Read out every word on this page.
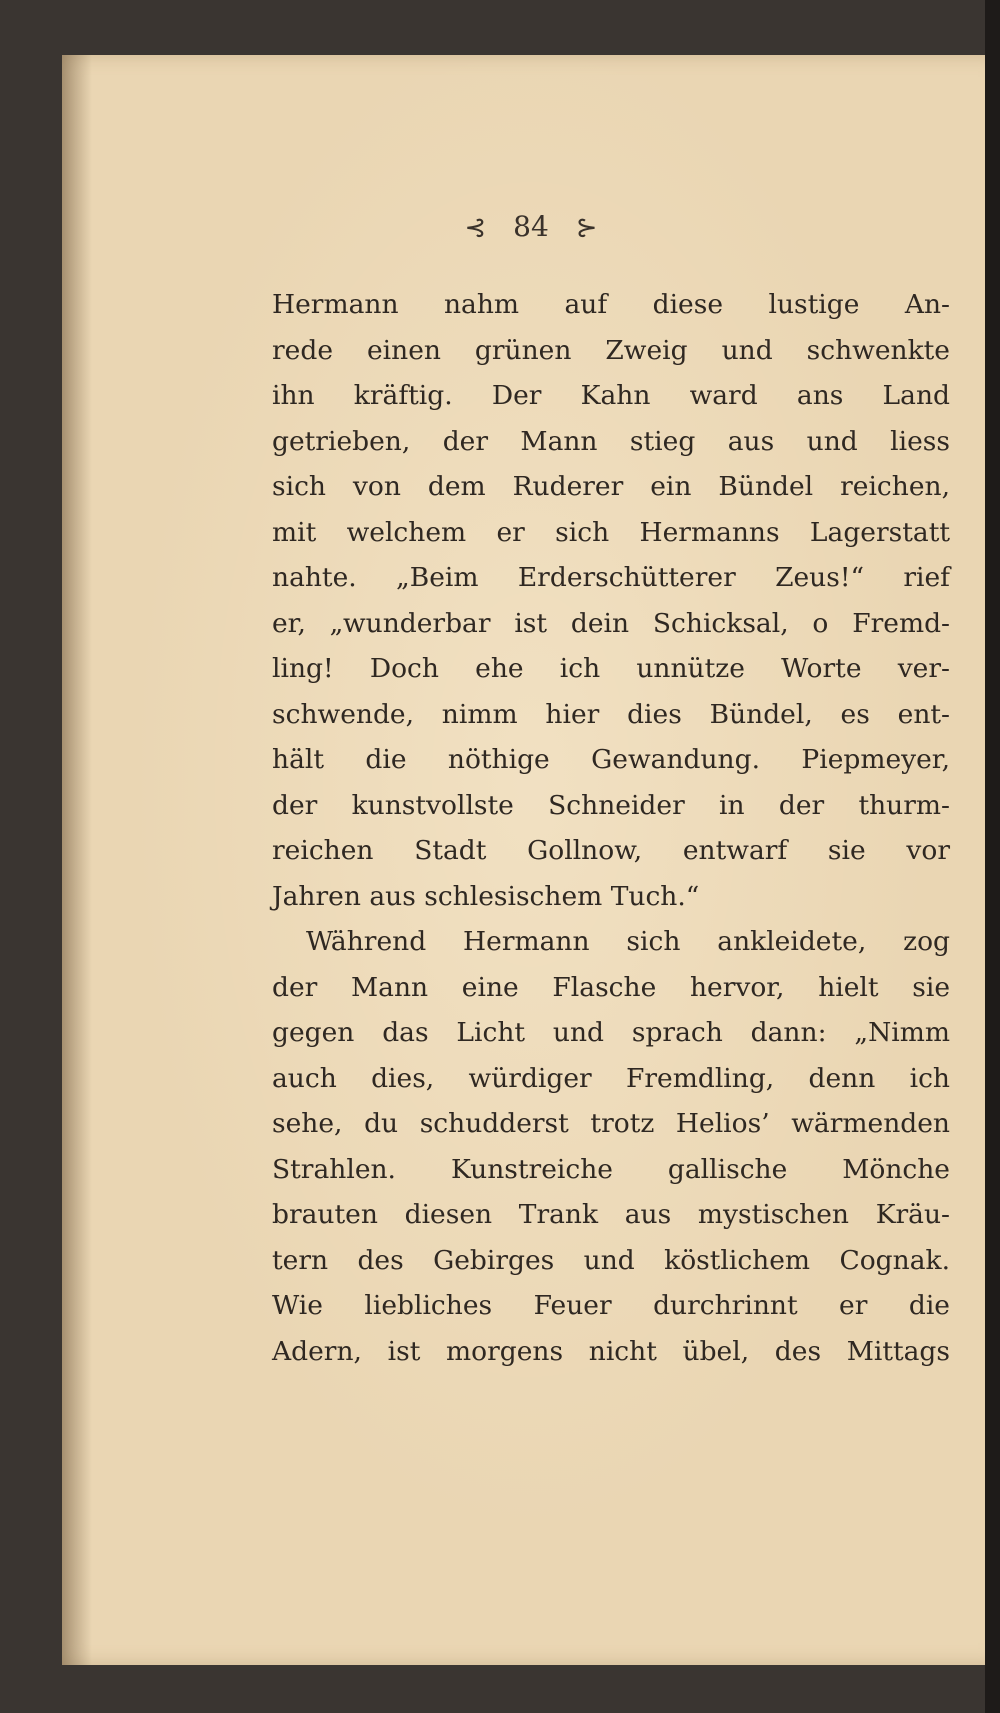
⊰ 84 ⊱
Hermann nahm auf diese lustige An-
rede einen grünen Zweig und schwenkte
ihn kräftig. Der Kahn ward ans Land
getrieben, der Mann stieg aus und liess
sich von dem Ruderer ein Bündel reichen,
mit welchem er sich Hermanns Lagerstatt
nahte. „Beim Erderschütterer Zeus!“ rief
er, „wunderbar ist dein Schicksal, o Fremd-
ling! Doch ehe ich unnütze Worte ver-
schwende, nimm hier dies Bündel, es ent-
hält die nöthige Gewandung. Piepmeyer,
der kunstvollste Schneider in der thurm-
reichen Stadt Gollnow, entwarf sie vor
Jahren aus schlesischem Tuch.“
Während Hermann sich ankleidete, zog
der Mann eine Flasche hervor, hielt sie
gegen das Licht und sprach dann: „Nimm
auch dies, würdiger Fremdling, denn ich
sehe, du schudderst trotz Helios’ wärmenden
Strahlen. Kunstreiche gallische Mönche
brauten diesen Trank aus mystischen Kräu-
tern des Gebirges und köstlichem Cognak.
Wie liebliches Feuer durchrinnt er die
Adern, ist morgens nicht übel, des Mittags
